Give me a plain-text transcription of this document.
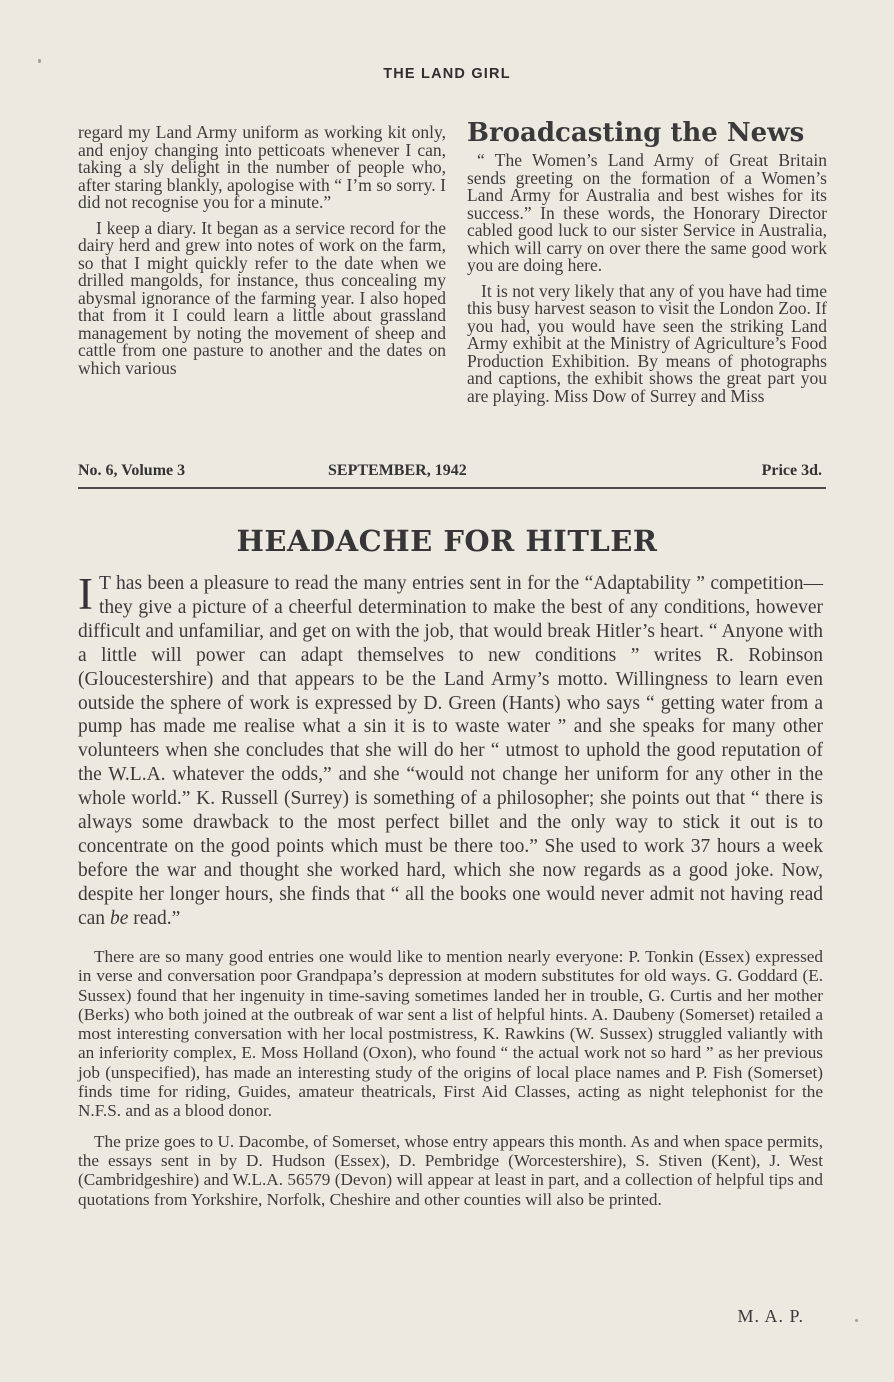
THE LAND GIRL

regard my Land Army uniform as working kit only, and enjoy changing into petticoats whenever I can, taking a sly delight in the number of people who, after staring blankly, apologise with “ I’m so sorry. I did not recognise you for a minute.”

I keep a diary. It began as a service record for the dairy herd and grew into notes of work on the farm, so that I might quickly refer to the date when we drilled mangolds, for instance, thus concealing my abysmal ignorance of the farming year. I also hoped that from it I could learn a little about grassland management by noting the movement of sheep and cattle from one pasture to another and the dates on which various

Broadcasting the News

“ The Women’s Land Army of Great Britain sends greeting on the formation of a Women’s Land Army for Australia and best wishes for its success.” In these words, the Honorary Director cabled good luck to our sister Service in Australia, which will carry on over there the same good work you are doing here.

It is not very likely that any of you have had time this busy harvest season to visit the London Zoo. If you had, you would have seen the striking Land Army exhibit at the Ministry of Agriculture’s Food Production Exhibition. By means of photographs and captions, the exhibit shows the great part you are playing. Miss Dow of Surrey and Miss

No. 6, Volume 3	SEPTEMBER, 1942	Price 3d.
HEADACHE FOR HITLER

I T has been a pleasure to read the many entries sent in for the “Adaptability ” competition—they give a picture of a cheerful determination to make the best of any conditions, however difficult and unfamiliar, and get on with the job, that would break Hitler’s heart. “ Anyone with a little will power can adapt themselves to new conditions ” writes R. Robinson (Gloucestershire) and that appears to be the Land Army’s motto. Willingness to learn even outside the sphere of work is expressed by D. Green (Hants) who says “ getting water from a pump has made me realise what a sin it is to waste water ” and she speaks for many other volunteers when she concludes that she will do her “ utmost to uphold the good reputation of the W.L.A. whatever the odds,” and she “would not change her uniform for any other in the whole world.” K. Russell (Surrey) is something of a philosopher; she points out that “ there is always some drawback to the most perfect billet and the only way to stick it out is to concentrate on the good points which must be there too.” She used to work 37 hours a week before the war and thought she worked hard, which she now regards as a good joke. Now, despite her longer hours, she finds that “ all the books one would never admit not having read can be read.”

There are so many good entries one would like to mention nearly everyone: P. Tonkin (Essex) expressed in verse and conversation poor Grandpapa’s depression at modern substitutes for old ways. G. Goddard (E. Sussex) found that her ingenuity in time-saving sometimes landed her in trouble, G. Curtis and her mother (Berks) who both joined at the outbreak of war sent a list of helpful hints. A. Daubeny (Somerset) retailed a most interesting conversation with her local postmistress, K. Rawkins (W. Sussex) struggled valiantly with an inferiority complex, E. Moss Holland (Oxon), who found “ the actual work not so hard ” as her previous job (unspecified), has made an interesting study of the origins of local place names and P. Fish (Somerset) finds time for riding, Guides, amateur theatricals, First Aid Classes, acting as night telephonist for the N.F.S. and as a blood donor.

The prize goes to U. Dacombe, of Somerset, whose entry appears this month. As and when space permits, the essays sent in by D. Hudson (Essex), D. Pembridge (Worcestershire), S. Stiven (Kent), J. West (Cambridgeshire) and W.L.A. 56579 (Devon) will appear at least in part, and a collection of helpful tips and quotations from Yorkshire, Norfolk, Cheshire and other counties will also be printed.

M. A. P.
